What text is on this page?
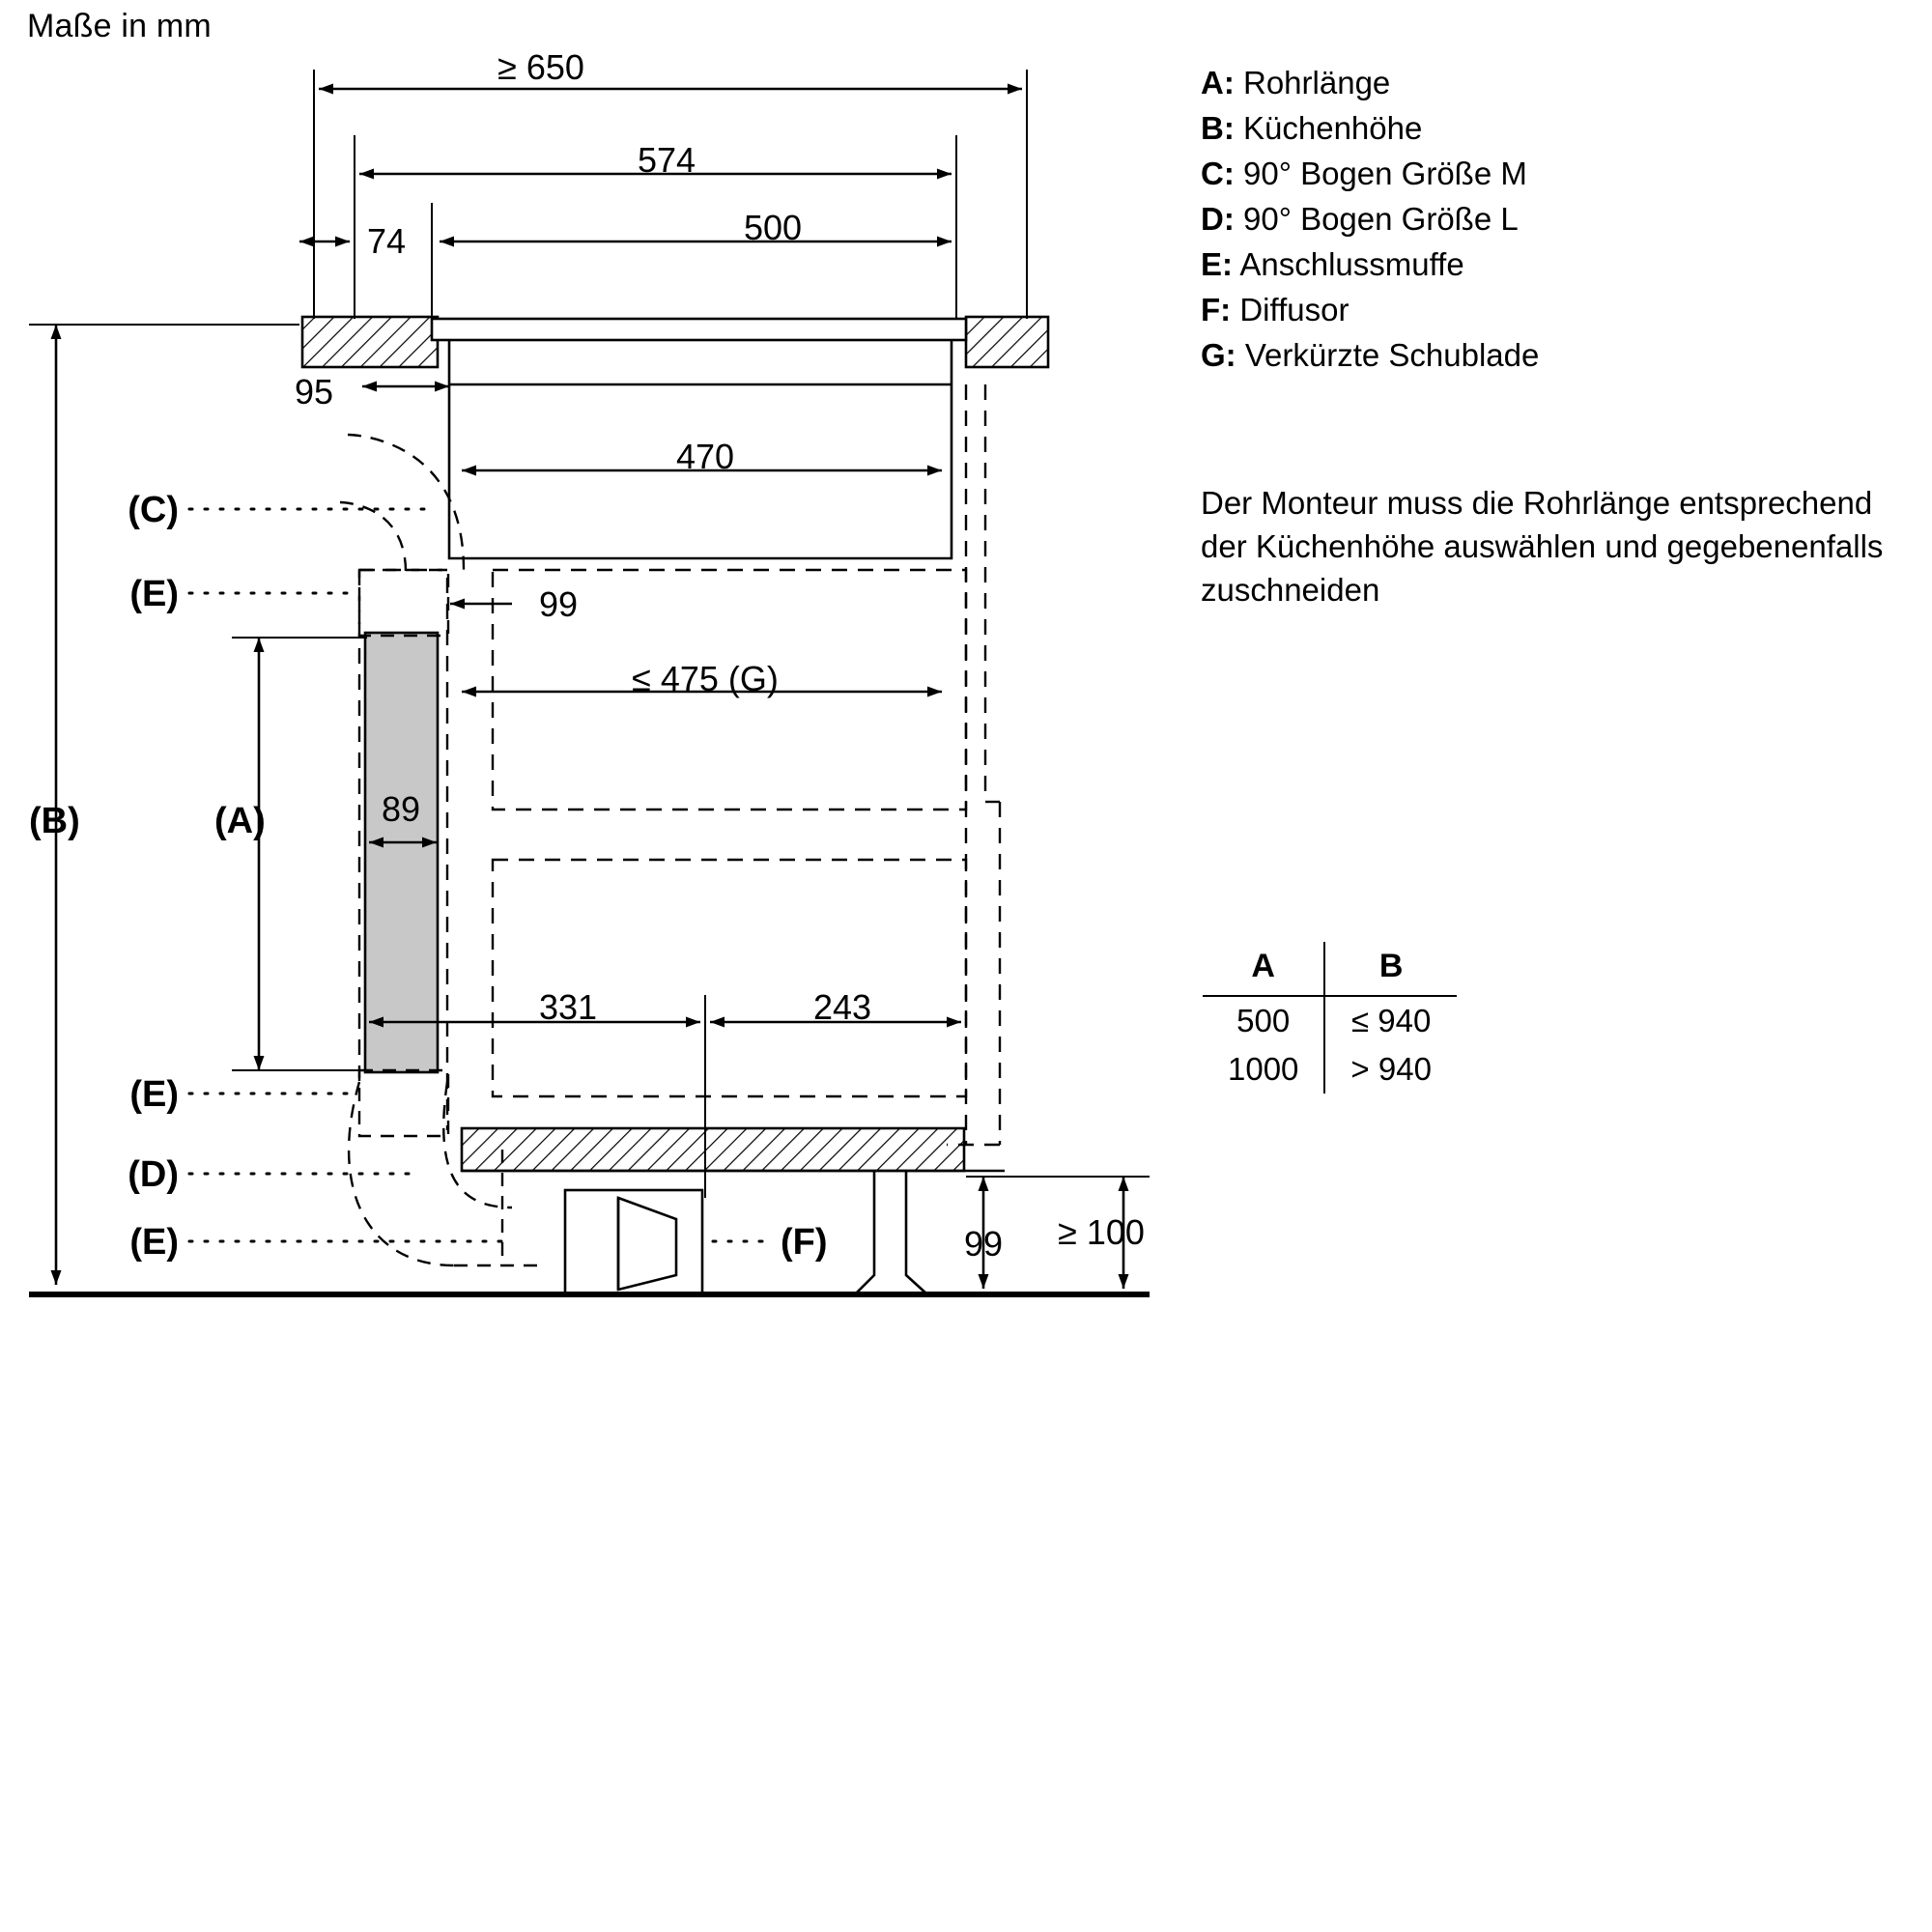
Maße in mm
≥ 650
574
74	500
95
470
99
≤ 475 (G)
89
331	243
99 ≥ 100
(C)
(E)
(E)
(D)
(E)
(B)	(A)
(F)
A: Rohrlänge
B: Küchenhöhe
C: 90° Bogen Größe M
D: 90° Bogen Größe L
E: Anschlussmuffe
F: Diffusor
G: Verkürzte Schublade
Der Monteur muss die Rohrlänge entsprechend der Küchenhöhe auswählen und gegebenenfalls zuschneiden
A	B
500	≤ 940
1000	> 940
